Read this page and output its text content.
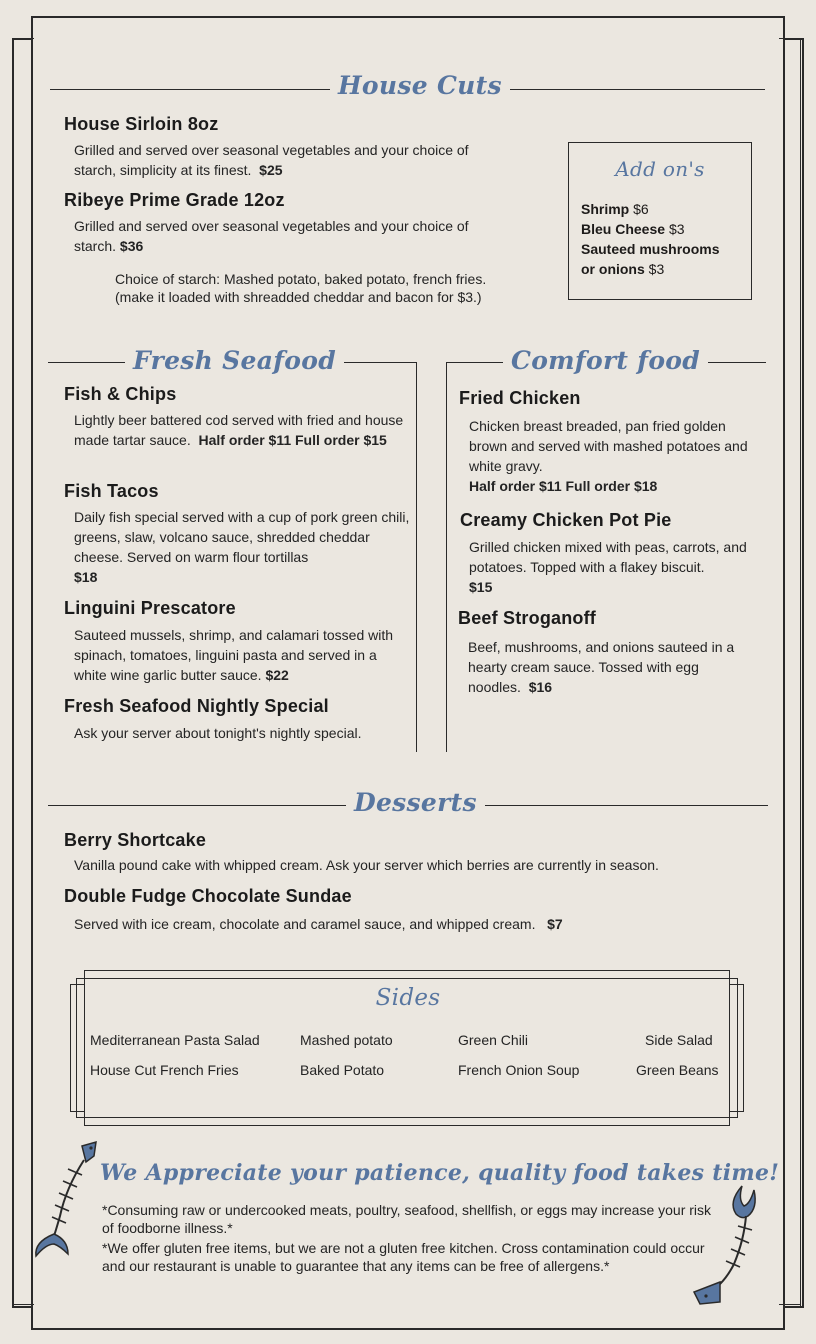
House Cuts
House Sirloin 8oz
Grilled and served over seasonal vegetables and your choice of starch, simplicity at its finest. $25
Ribeye Prime Grade 12oz
Grilled and served over seasonal vegetables and your choice of starch. $36
Choice of starch: Mashed potato, baked potato, french fries.
(make it loaded with shreadded cheddar and bacon for $3.)
Add on's
Shrimp $6
Bleu Cheese $3
Sauteed mushrooms
or onions $3
Fresh Seafood
Fish & Chips
Lightly beer battered cod served with fried and house made tartar sauce. Half order $11 Full order $15
Fish Tacos
Daily fish special served with a cup of pork green chili, greens, slaw, volcano sauce, shredded cheddar cheese. Served on warm flour tortillas
$18
Linguini Prescatore
Sauteed mussels, shrimp, and calamari tossed with spinach, tomatoes, linguini pasta and served in a white wine garlic butter sauce. $22
Fresh Seafood Nightly Special
Ask your server about tonight's nightly special.
Comfort food
Fried Chicken
Chicken breast breaded, pan fried golden brown and served with mashed potatoes and white gravy.
Half order $11 Full order $18
Creamy Chicken Pot Pie
Grilled chicken mixed with peas, carrots, and potatoes. Topped with a flakey biscuit.
$15
Beef Stroganoff
Beef, mushrooms, and onions sauteed in a hearty cream sauce. Tossed with egg noodles. $16
Desserts
Berry Shortcake
Vanilla pound cake with whipped cream. Ask your server which berries are currently in season.
Double Fudge Chocolate Sundae
Served with ice cream, chocolate and caramel sauce, and whipped cream. $7
Sides
Mediterranean Pasta Salad	Mashed potato	Green Chili	Side Salad
House Cut French Fries	Baked Potato	French Onion Soup	Green Beans
We Appreciate your patience, quality food takes time!
*Consuming raw or undercooked meats, poultry, seafood, shellfish, or eggs may increase your risk of foodborne illness.*
*We offer gluten free items, but we are not a gluten free kitchen. Cross contamination could occur and our restaurant is unable to guarantee that any items can be free of allergens.*
